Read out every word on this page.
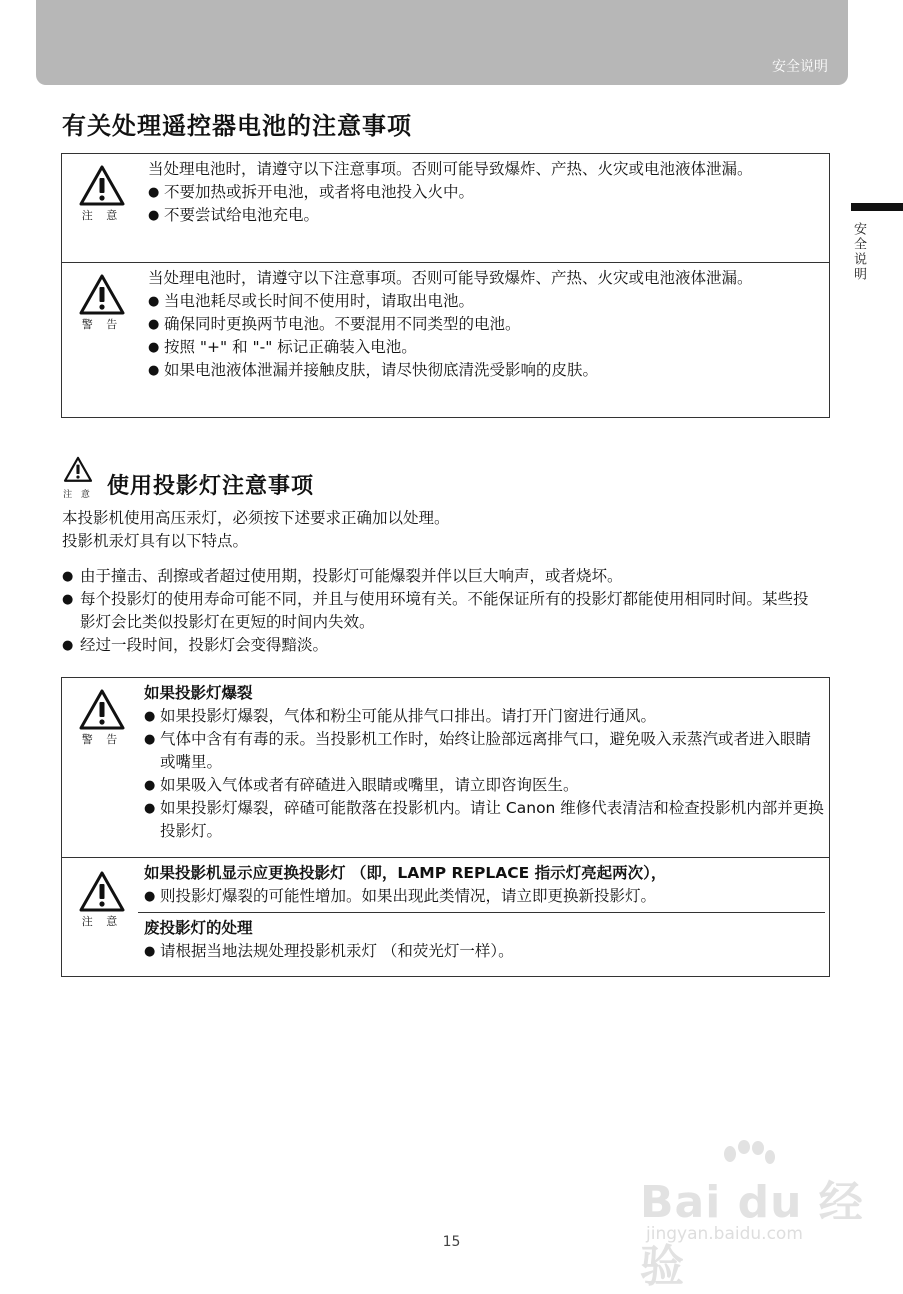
安全说明
安全说明
有关处理遥控器电池的注意事项
注 意
当处理电池时，请遵守以下注意事项。否则可能导致爆炸、产热、火灾或电池液体泄漏。
● 不要加热或拆开电池，或者将电池投入火中。
● 不要尝试给电池充电。
警 告
当处理电池时，请遵守以下注意事项。否则可能导致爆炸、产热、火灾或电池液体泄漏。
● 当电池耗尽或长时间不使用时，请取出电池。
● 确保同时更换两节电池。不要混用不同类型的电池。
● 按照 "+" 和 "-" 标记正确装入电池。
● 如果电池液体泄漏并接触皮肤，请尽快彻底清洗受影响的皮肤。
注 意 使用投影灯注意事项
本投影机使用高压汞灯，必须按下述要求正确加以处理。
投影机汞灯具有以下特点。
● 由于撞击、刮擦或者超过使用期，投影灯可能爆裂并伴以巨大响声，或者烧坏。
● 每个投影灯的使用寿命可能不同，并且与使用环境有关。不能保证所有的投影灯都能使用相同时间。某些投影灯会比类似投影灯在更短的时间内失效。
● 经过一段时间，投影灯会变得黯淡。
警 告
如果投影灯爆裂
● 如果投影灯爆裂，气体和粉尘可能从排气口排出。请打开门窗进行通风。
● 气体中含有有毒的汞。当投影机工作时，始终让脸部远离排气口，避免吸入汞蒸汽或者进入眼睛或嘴里。
● 如果吸入气体或者有碎碴进入眼睛或嘴里，请立即咨询医生。
● 如果投影灯爆裂，碎碴可能散落在投影机内。请让 Canon 维修代表清洁和检查投影机内部并更换投影灯。
注 意
如果投影机显示应更换投影灯 （即，LAMP REPLACE 指示灯亮起两次），
● 则投影灯爆裂的可能性增加。如果出现此类情况，请立即更换新投影灯。
废投影灯的处理
● 请根据当地法规处理投影机汞灯 （和荧光灯一样）。
Bai du 经验
jingyan.baidu.com
15
